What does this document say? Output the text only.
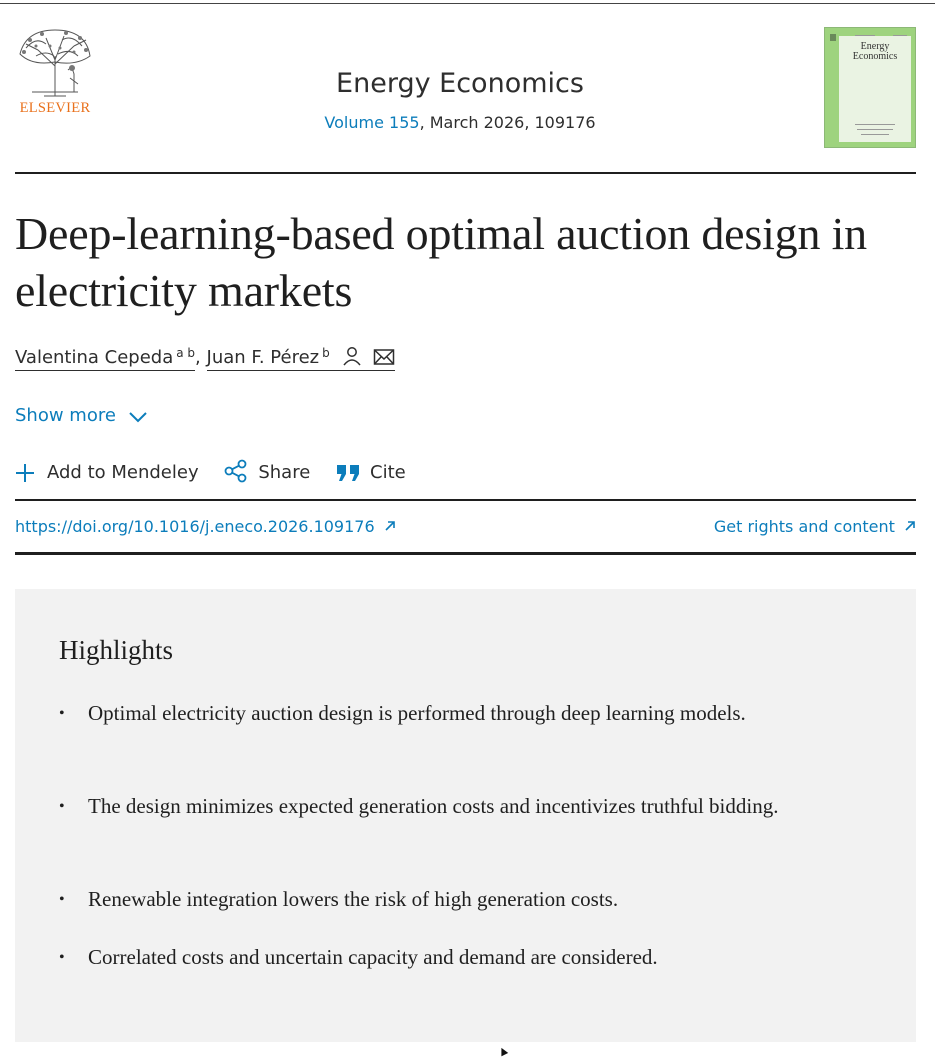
ELSEVIER
Energy Economics
Volume 155, March 2026, 109176
Energy Economics
Deep-learning-based optimal auction design in electricity markets
Valentina Cepeda $^{a b}$, Juan F. Pérez $^b$
Show more
Add to Mendeley	Share	Cite
https://doi.org/10.1016/j.eneco.2026.109176	Get rights and content
Highlights
• Optimal electricity auction design is performed through deep learning models.
• The design minimizes expected generation costs and incentivizes truthful bidding.
• Renewable integration lowers the risk of high generation costs.
• Correlated costs and uncertain capacity and demand are considered.
